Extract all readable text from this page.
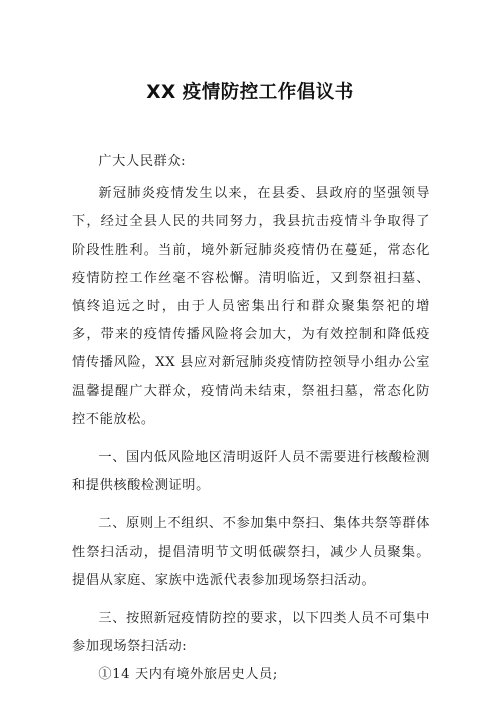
XX 疫情防控工作倡议书

广大人民群众:

新冠肺炎疫情发生以来，在县委、县政府的坚强领导下，经过全县人民的共同努力，我县抗击疫情斗争取得了阶段性胜利。当前，境外新冠肺炎疫情仍在蔓延，常态化疫情防控工作丝毫不容松懈。清明临近，又到祭祖扫墓、慎终追远之时，由于人员密集出行和群众聚集祭祀的增多，带来的疫情传播风险将会加大，为有效控制和降低疫情传播风险，XX 县应对新冠肺炎疫情防控领导小组办公室温馨提醒广大群众，疫情尚未结束，祭祖扫墓，常态化防控不能放松。

一、国内低风险地区清明返阡人员不需要进行核酸检测和提供核酸检测证明。

二、原则上不组织、不参加集中祭扫、集体共祭等群体性祭扫活动，提倡清明节文明低碳祭扫，减少人员聚集。提倡从家庭、家族中选派代表参加现场祭扫活动。

三、按照新冠疫情防控的要求，以下四类人员不可集中参加现场祭扫活动:

①14 天内有境外旅居史人员;
